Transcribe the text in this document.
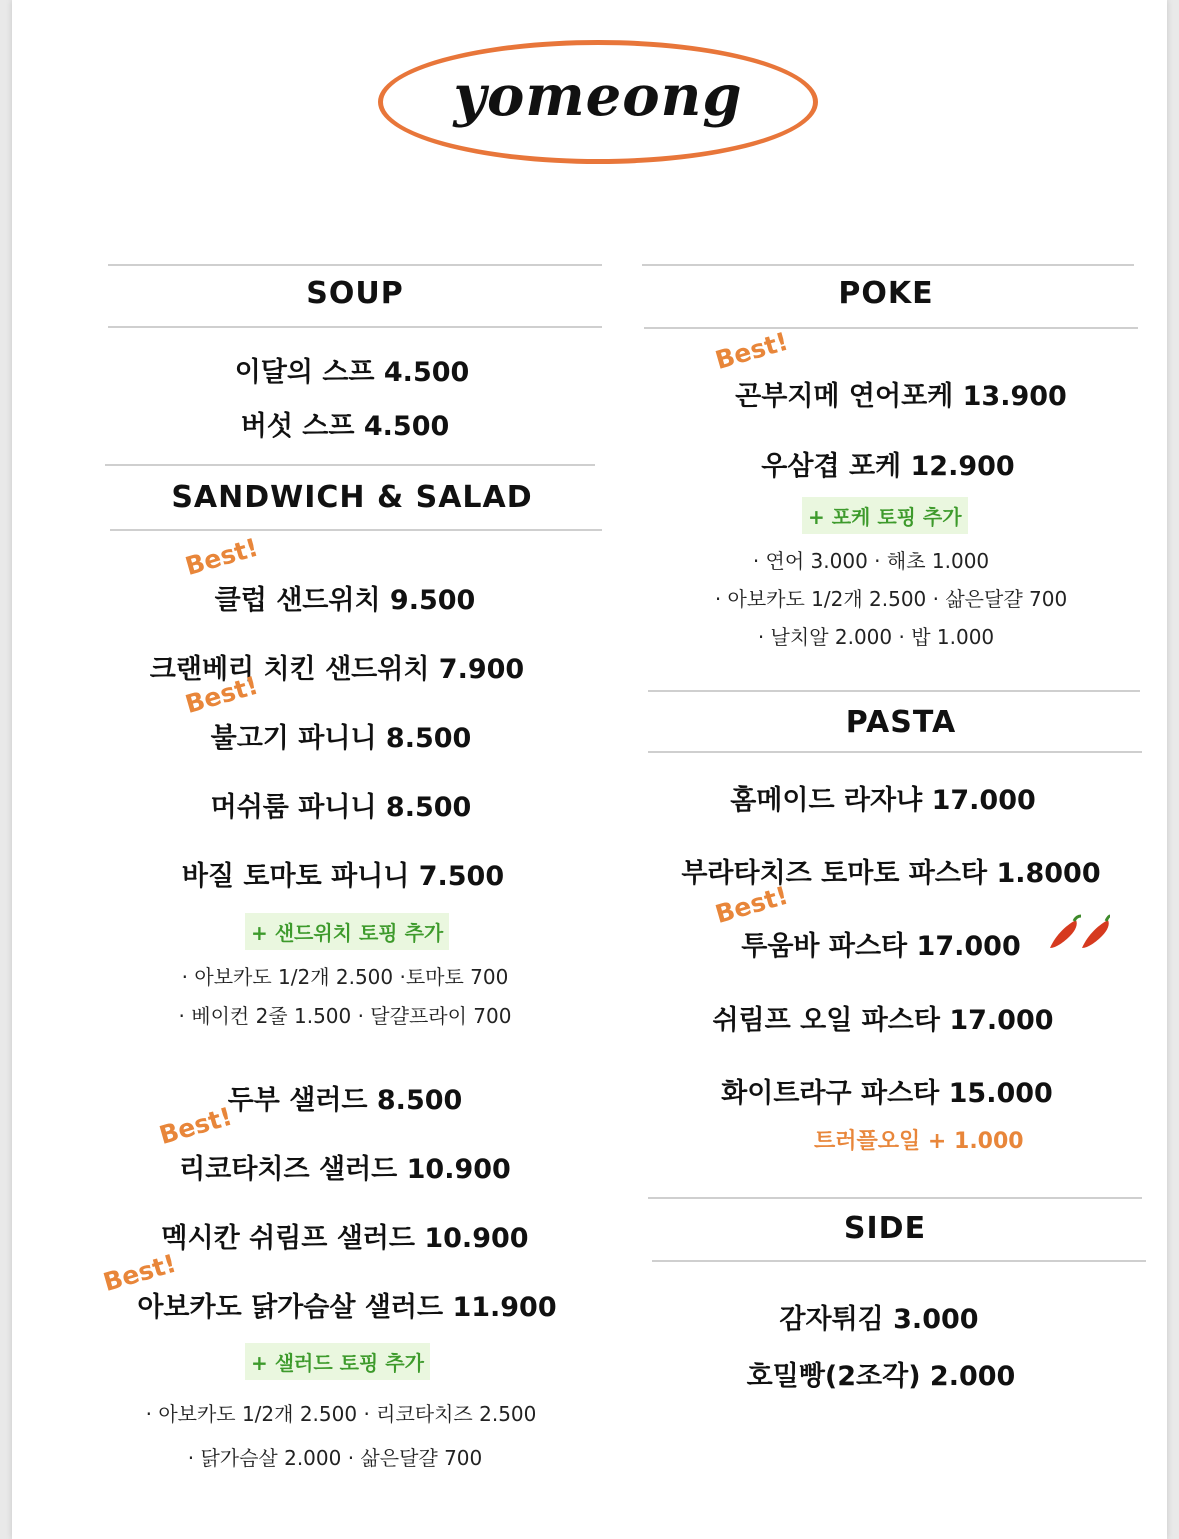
yomeong
SOUP
이달의 스프 4.500
버섯 스프 4.500
SANDWICH & SALAD
Best!
클럽 샌드위치 9.500
크랜베리 치킨 샌드위치 7.900
Best!
불고기 파니니 8.500
머쉬룸 파니니 8.500
바질 토마토 파니니 7.500
+ 샌드위치 토핑 추가
· 아보카도 1/2개 2.500 ·토마토 700
· 베이컨 2줄 1.500 · 달걀프라이 700
두부 샐러드 8.500
Best!
리코타치즈 샐러드 10.900
멕시칸 쉬림프 샐러드 10.900
Best!
아보카도 닭가슴살 샐러드 11.900
+ 샐러드 토핑 추가
· 아보카도 1/2개 2.500 · 리코타치즈 2.500
· 닭가슴살 2.000 · 삶은달걀 700
POKE
Best!
곤부지메 연어포케 13.900
우삼겹 포케 12.900
+ 포케 토핑 추가
· 연어 3.000 · 해초 1.000
· 아보카도 1/2개 2.500 · 삶은달걀 700
· 날치알 2.000 · 밥 1.000
PASTA
홈메이드 라자냐 17.000
부라타치즈 토마토 파스타 1.8000
Best!
투움바 파스타 17.000
쉬림프 오일 파스타 17.000
화이트라구 파스타 15.000
트러플오일 + 1.000
SIDE
감자튀김 3.000
호밀빵(2조각) 2.000
